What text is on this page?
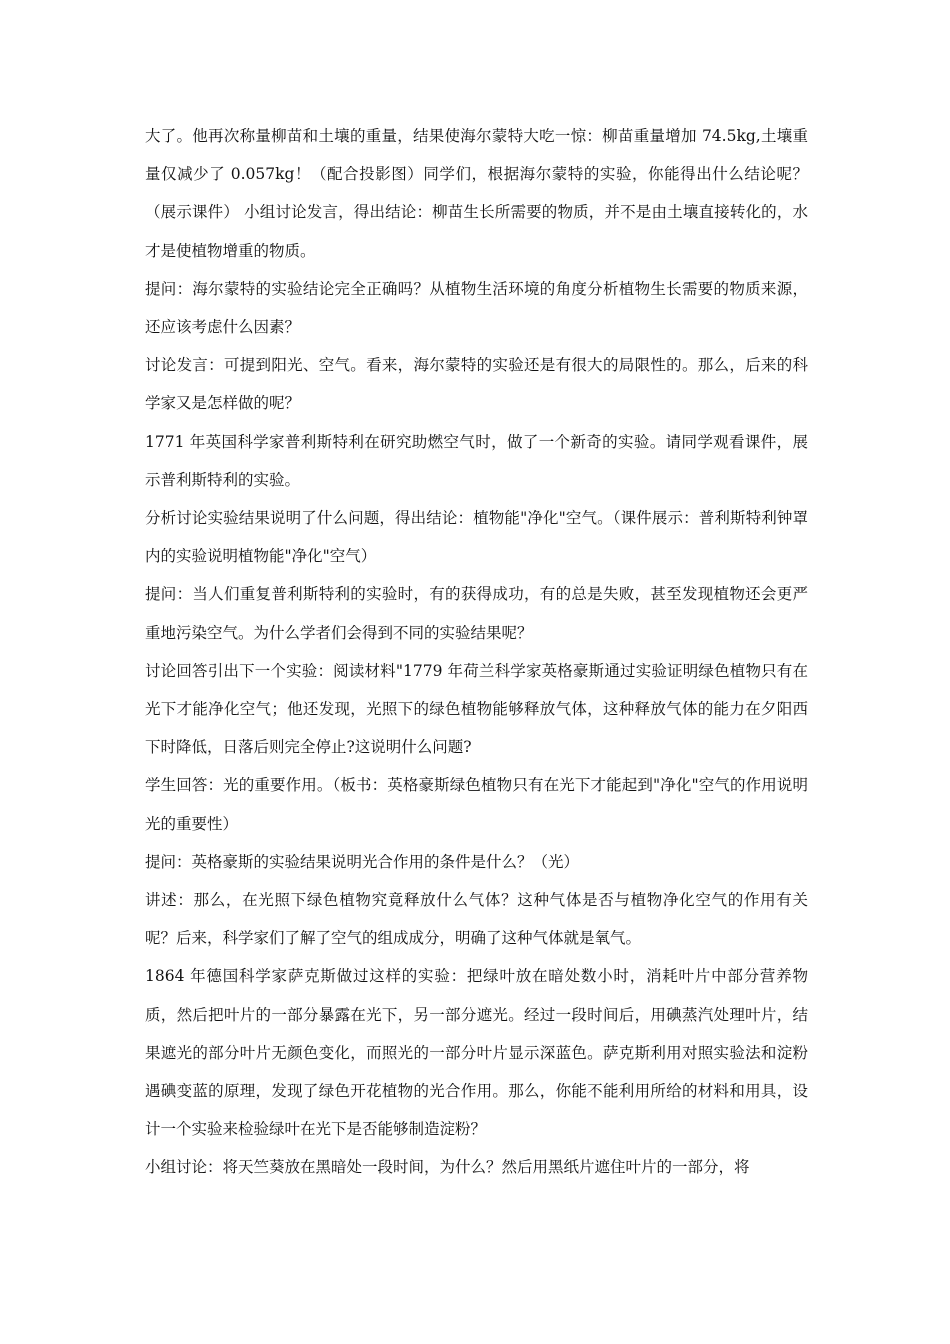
大了。他再次称量柳苗和土壤的重量，结果使海尔蒙特大吃一惊：柳苗重量增加 74.5kg,土壤重量仅减少了 0.057kg！（配合投影图）同学们，根据海尔蒙特的实验，你能得出什么结论呢？（展示课件） 小组讨论发言，得出结论：柳苗生长所需要的物质，并不是由土壤直接转化的，水才是使植物增重的物质。

提问：海尔蒙特的实验结论完全正确吗？从植物生活环境的角度分析植物生长需要的物质来源，还应该考虑什么因素？

讨论发言：可提到阳光、空气。看来，海尔蒙特的实验还是有很大的局限性的。那么，后来的科学家又是怎样做的呢？

1771 年英国科学家普利斯特利在研究助燃空气时，做了一个新奇的实验。请同学观看课件，展示普利斯特利的实验。

分析讨论实验结果说明了什么问题，得出结论：植物能"净化"空气。（课件展示：普利斯特利钟罩内的实验说明植物能"净化"空气）

提问：当人们重复普利斯特利的实验时，有的获得成功，有的总是失败，甚至发现植物还会更严重地污染空气。为什么学者们会得到不同的实验结果呢？

讨论回答引出下一个实验：阅读材料"1779 年荷兰科学家英格豪斯通过实验证明绿色植物只有在光下才能净化空气；他还发现，光照下的绿色植物能够释放气体，这种释放气体的能力在夕阳西下时降低，日落后则完全停止?这说明什么问题?

学生回答：光的重要作用。（板书：英格豪斯绿色植物只有在光下才能起到"净化"空气的作用说明光的重要性）

提问：英格豪斯的实验结果说明光合作用的条件是什么？（光）

讲述：那么，在光照下绿色植物究竟释放什么气体？这种气体是否与植物净化空气的作用有关呢？后来，科学家们了解了空气的组成成分，明确了这种气体就是氧气。

1864 年德国科学家萨克斯做过这样的实验：把绿叶放在暗处数小时，消耗叶片中部分营养物质，然后把叶片的一部分暴露在光下，另一部分遮光。经过一段时间后，用碘蒸汽处理叶片，结果遮光的部分叶片无颜色变化，而照光的一部分叶片显示深蓝色。萨克斯利用对照实验法和淀粉遇碘变蓝的原理，发现了绿色开花植物的光合作用。那么，你能不能利用所给的材料和用具，设计一个实验来检验绿叶在光下是否能够制造淀粉？

小组讨论：将天竺葵放在黑暗处一段时间，为什么？然后用黑纸片遮住叶片的一部分，将
